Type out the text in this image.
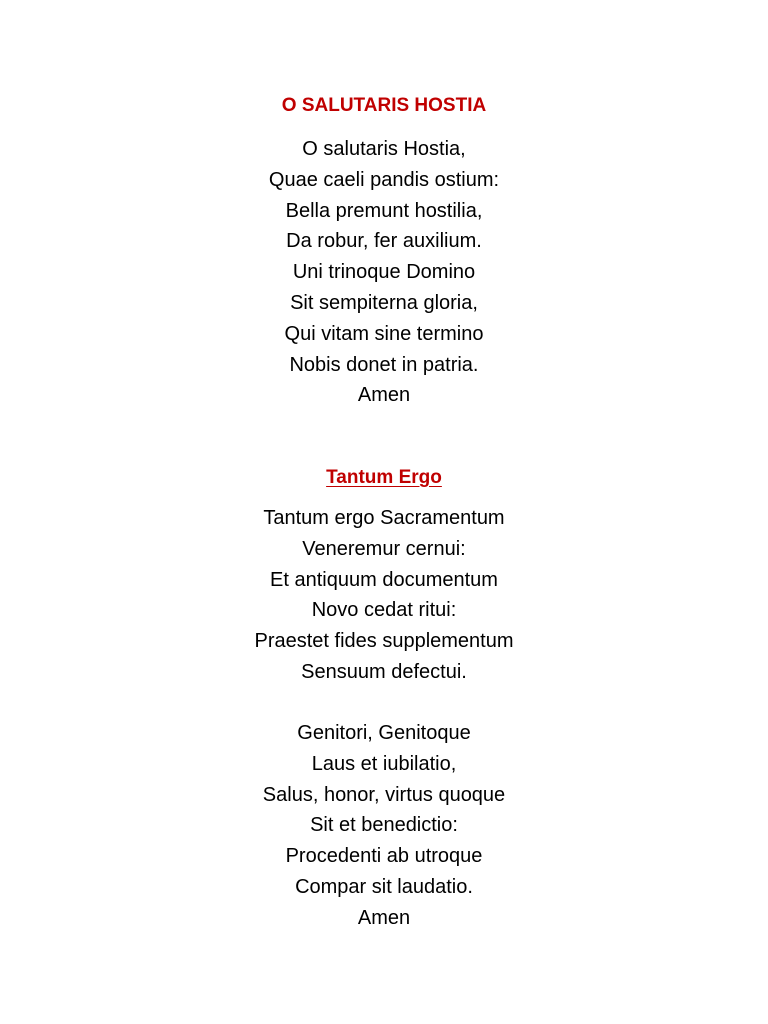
O SALUTARIS HOSTIA
O salutaris Hostia,
Quae caeli pandis ostium:
Bella premunt hostilia,
Da robur, fer auxilium.
Uni trinoque Domino
Sit sempiterna gloria,
Qui vitam sine termino
Nobis donet in patria.
Amen
Tantum Ergo
Tantum ergo Sacramentum
Veneremur cernui:
Et antiquum documentum
Novo cedat ritui:
Praestet fides supplementum
Sensuum defectui.
Genitori, Genitoque
Laus et iubilatio,
Salus, honor, virtus quoque
Sit et benedictio:
Procedenti ab utroque
Compar sit laudatio.
Amen
